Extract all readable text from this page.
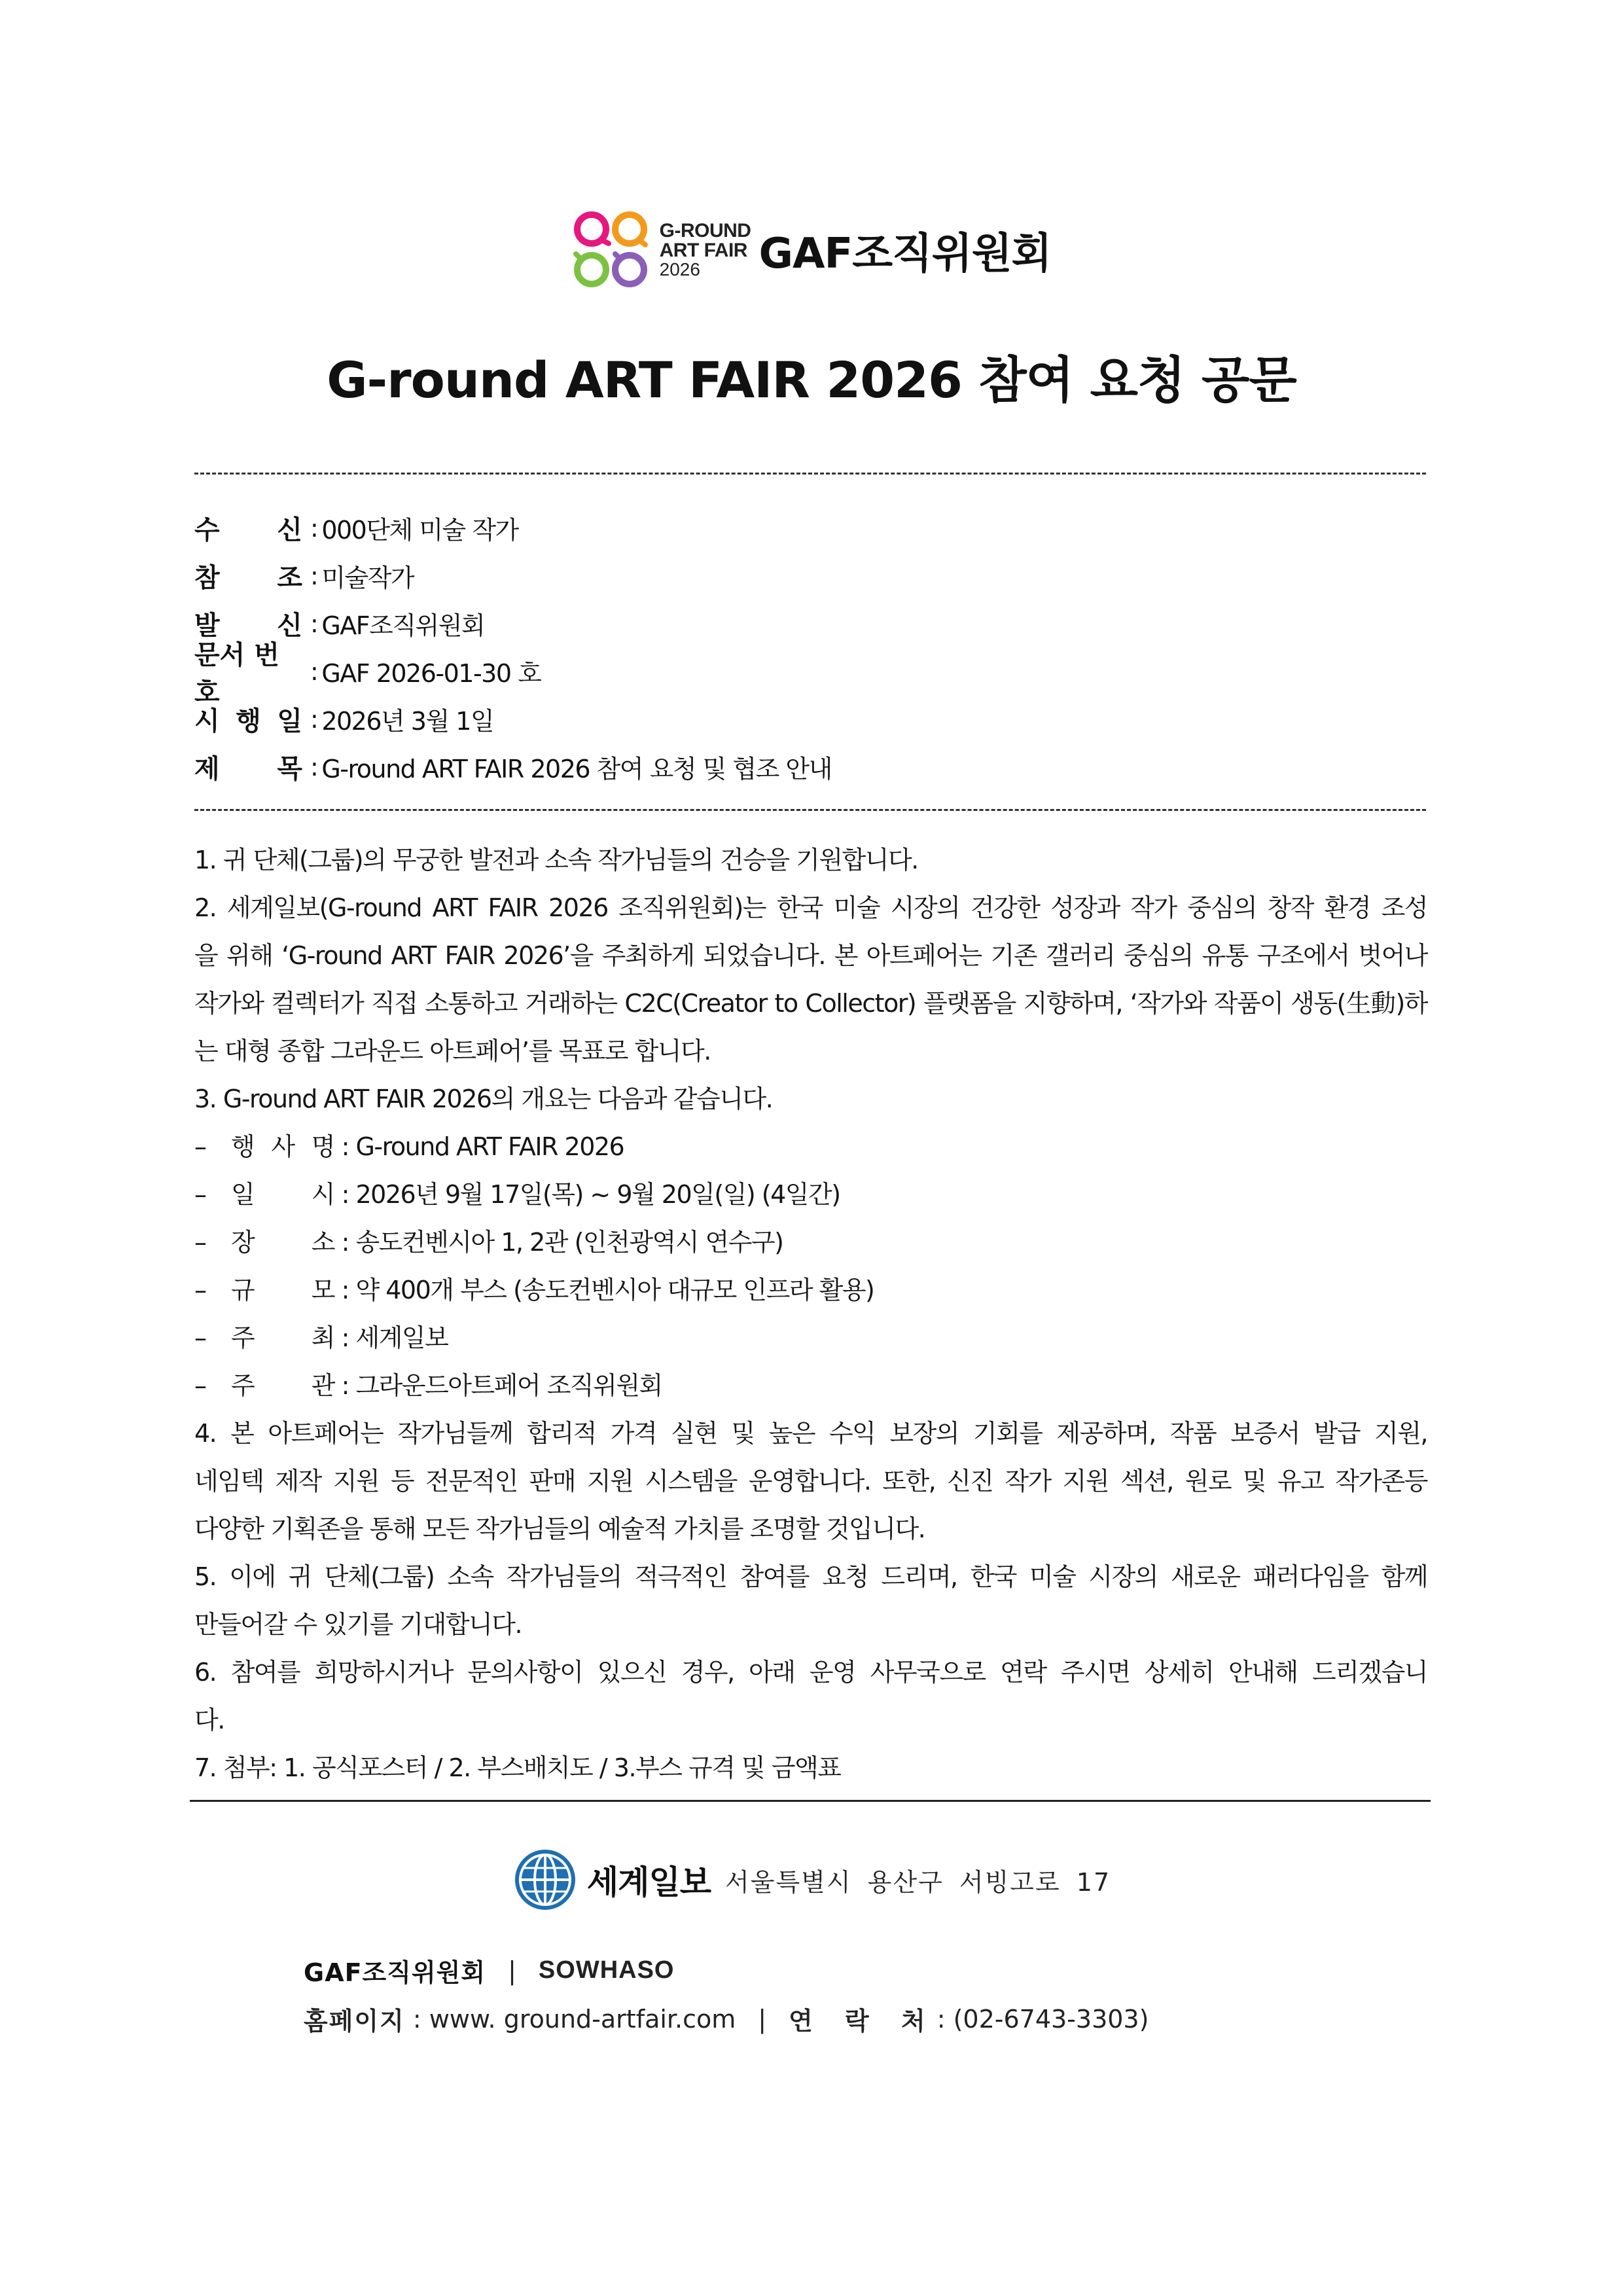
G-ROUND
ART FAIR
2026	GAF조직위원회
G-round ART FAIR 2026 참여 요청 공문
수 신 : 000단체 미술 작가
참 조 : 미술작가
발 신 : GAF조직위원회
문서 번호
: GAF 2026-01-30 호
시 행 일 : 2026년 3월 1일
제 목 : G-round ART FAIR 2026 참여 요청 및 협조 안내
1. 귀 단체(그룹)의 무궁한 발전과 소속 작가님들의 건승을 기원합니다.
2. 세계일보(G-round ART FAIR 2026 조직위원회)는 한국 미술 시장의 건강한 성장과 작가 중심의 창작 환경 조성
을 위해 ‘G-round ART FAIR 2026’을 주최하게 되었습니다. 본 아트페어는 기존 갤러리 중심의 유통 구조에서 벗어나
작가와 컬렉터가 직접 소통하고 거래하는 C2C(Creator to Collector) 플랫폼을 지향하며, ‘작가와 작품이 생동(生動)하
는 대형 종합 그라운드 아트페어’를 목표로 합니다.
3. G-round ART FAIR 2026의 개요는 다음과 같습니다.
–	행 사 명 : G-round ART FAIR 2026
–	일 시 : 2026년 9월 17일(목) ~ 9월 20일(일) (4일간)
–	장 소 : 송도컨벤시아 1, 2관 (인천광역시 연수구)
–	규 모 : 약 400개 부스 (송도컨벤시아 대규모 인프라 활용)
–	주 최 : 세계일보
–	주 관 : 그라운드아트페어 조직위원회
4. 본 아트페어는 작가님들께 합리적 가격 실현 및 높은 수익 보장의 기회를 제공하며, 작품 보증서 발급 지원,
네임텍 제작 지원 등 전문적인 판매 지원 시스템을 운영합니다. 또한, 신진 작가 지원 섹션, 원로 및 유고 작가존등
다양한 기획존을 통해 모든 작가님들의 예술적 가치를 조명할 것입니다.
5. 이에 귀 단체(그룹) 소속 작가님들의 적극적인 참여를 요청 드리며, 한국 미술 시장의 새로운 패러다임을 함께
만들어갈 수 있기를 기대합니다.
6. 참여를 희망하시거나 문의사항이 있으신 경우, 아래 운영 사무국으로 연락 주시면 상세히 안내해 드리겠습니
다.
7. 첨부: 1. 공식포스터 / 2. 부스배치도 / 3.부스 규격 및 금액표
세계일보 서울특별시 용산구 서빙고로 17
GAF조직위원회 | SOWHASO
홈페이지 : www. ground-artfair.com | 연 락 처 : (02-6743-3303)
